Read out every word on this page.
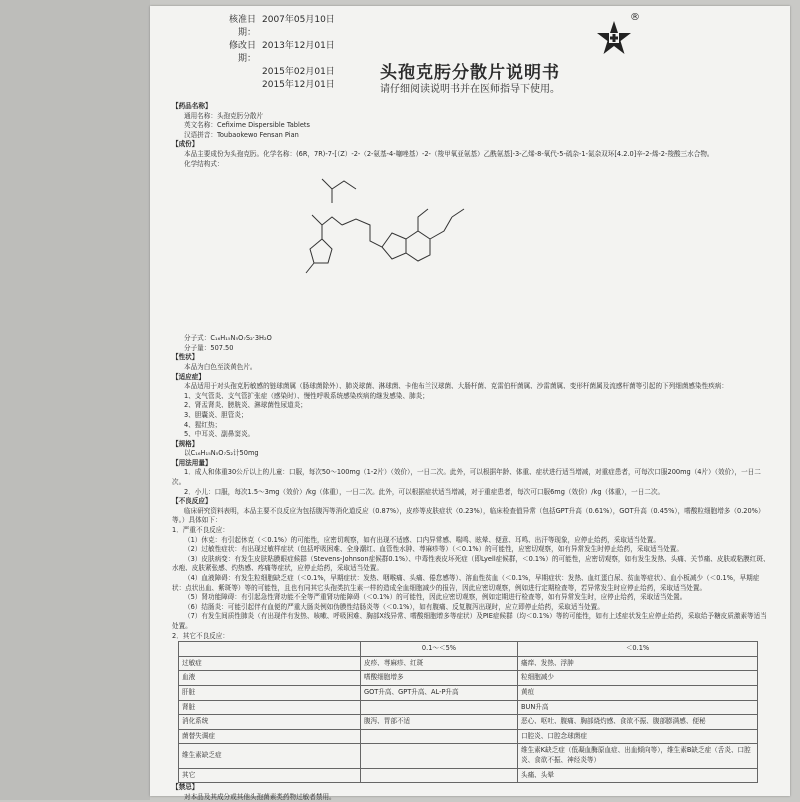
核准日期：
2007年05月10日
修改日期：
2013年12月01日
2015年02月01日
2015年12月01日
®
头孢克肟分散片说明书
请仔细阅读说明书并在医师指导下使用。
【药品名称】
通用名称：头孢克肟分散片
英文名称：Cefixime Dispersible Tablets
汉语拼音：Toubaokewo Fensan Pian
【成份】
本品主要成份为头孢克肟。化学名称：(6R，7R)-7-[（Z）-2-（2-氨基-4-噻唑基）-2-（羧甲氧亚氨基）乙酰氨基]-3-乙烯-8-氧代-5-硫杂-1-氮杂双环[4.2.0]辛-2-烯-2-羧酸三水合物。
化学结构式：
分子式：C₁₆H₁₅N₅O₇S₂·3H₂O
分子量：507.50
【性状】
本品为白色至淡黄色片。
【适应症】
本品适用于对头孢克肟敏感的链球菌属（肠球菌除外）、肺炎球菌、淋球菌、卡他布兰汉球菌、大肠杆菌、克雷伯杆菌属、沙雷菌属、变形杆菌属及流感杆菌等引起的下列细菌感染性疾病：
1、支气管炎、支气管扩张症（感染时）、慢性呼吸系统感染疾病的继发感染、肺炎；
2、肾盂肾炎、膀胱炎、淋球菌性尿道炎；
3、胆囊炎、胆管炎；
4、猩红热；
5、中耳炎、副鼻窦炎。
【规格】
以C₁₆H₁₅N₅O₇S₂计50mg
【用法用量】
1．成人和体重30公斤以上的儿童：口服，每次50～100mg（1-2片）（效价），一日二次。此外，可以根据年龄、体重、症状进行适当增减，对重症患者，可每次口服200mg（4片）（效价），一日二次。
2．小儿：口服，每次1.5～3mg（效价）/kg（体重），一日二次。此外，可以根据症状适当增减，对于重症患者，每次可口服6mg（效价）/kg（体重），一日二次。
【不良反应】
临床研究资料表明，本品主要不良反应为包括腹泻等消化道反应（0.87%），皮疹等皮肤症状（0.23%），临床检查值异常（包括GPT升高（0.61%），GOT升高（0.45%），嗜酸粒细胞增多（0.20%）等。）具体如下：
1．严重不良反应：
（1）休克：有引起休克（＜0.1%）的可能性，应密切观察，如有出现不适感、口内异常感、喘鸣、眩晕、便意、耳鸣、出汗等现象，应停止给药，采取适当处置。
（2）过敏性症状：有出现过敏样症状（包括呼吸困难、全身潮红、血管性水肿、荨麻疹等）（＜0.1%）的可能性，应密切观察，如有异常发生时停止给药，采取适当处置。
（3）皮肤病变：有发生皮肤粘膜眼症候群（Stevens-Johnson症候群0.1%）、中毒性表皮坏死症（即Lyell症候群，＜0.1%）的可能性，应密切观察，如有发生发热、头痛、关节痛、皮肤或粘膜红斑、水疱、皮肤紧张感、灼热感、疼痛等症状，应停止给药，采取适当处置。
（4）血液障碍：有发生粒细胞缺乏症（＜0.1%，早期症状：发热、咽喉痛、头痛、倦怠感等）、溶血性贫血（＜0.1%，早期症状：发热、血红蛋白尿、贫血等症状）、血小板减少（＜0.1%，早期症状：点状出血、紫斑等）等的可能性，且也有同其它头孢类抗生素一样的造成全血细胞减少的报告，因此应密切观察，例如进行定期检查等，若异常发生时应停止给药，采取适当处置。
（5）肾功能障碍：有引起急性肾功能不全等严重肾功能障碍（＜0.1%）的可能性，因此应密切观察，例如定期进行检查等，如有异常发生时，应停止给药，采取适当处置。
（6）结肠炎：可能引起伴有血便的严重大肠炎例如伪膜性结肠炎等（＜0.1%），如有腹痛、反复腹泻出现时，应立即停止给药，采取适当处置。
（7）有发生间质性肺炎（有出现伴有发热、咳嗽、呼吸困难、胸部X线异常、嗜酸细胞增多等症状）及PIE症候群（均＜0.1%）等的可能性，如有上述症状发生应停止给药，采取给予糖皮质激素等适当处置。
2．其它不良反应：
	0.1～＜5%	＜0.1%
过敏症	皮疹、荨麻疹、红斑	瘙痒、发热、浮肿
血液	嗜酸细胞增多	粒细胞减少
肝脏	GOT升高、GPT升高、AL-P升高	黄疸
肾脏		BUN升高
消化系统	腹泻、胃部不适	恶心、呕吐、腹痛、胸部烧灼感、食欲不振、腹部膨满感、便秘
菌替失调症		口腔炎、口腔念球菌症
维生素缺乏症		维生素K缺乏症（低凝血酶原血症、出血倾向等），维生素B缺乏症（舌炎、口腔炎、食欲不振、神经炎等）
其它		头痛、头晕
【禁忌】
对本品及其成分或其他头孢菌素类药物过敏者禁用。
